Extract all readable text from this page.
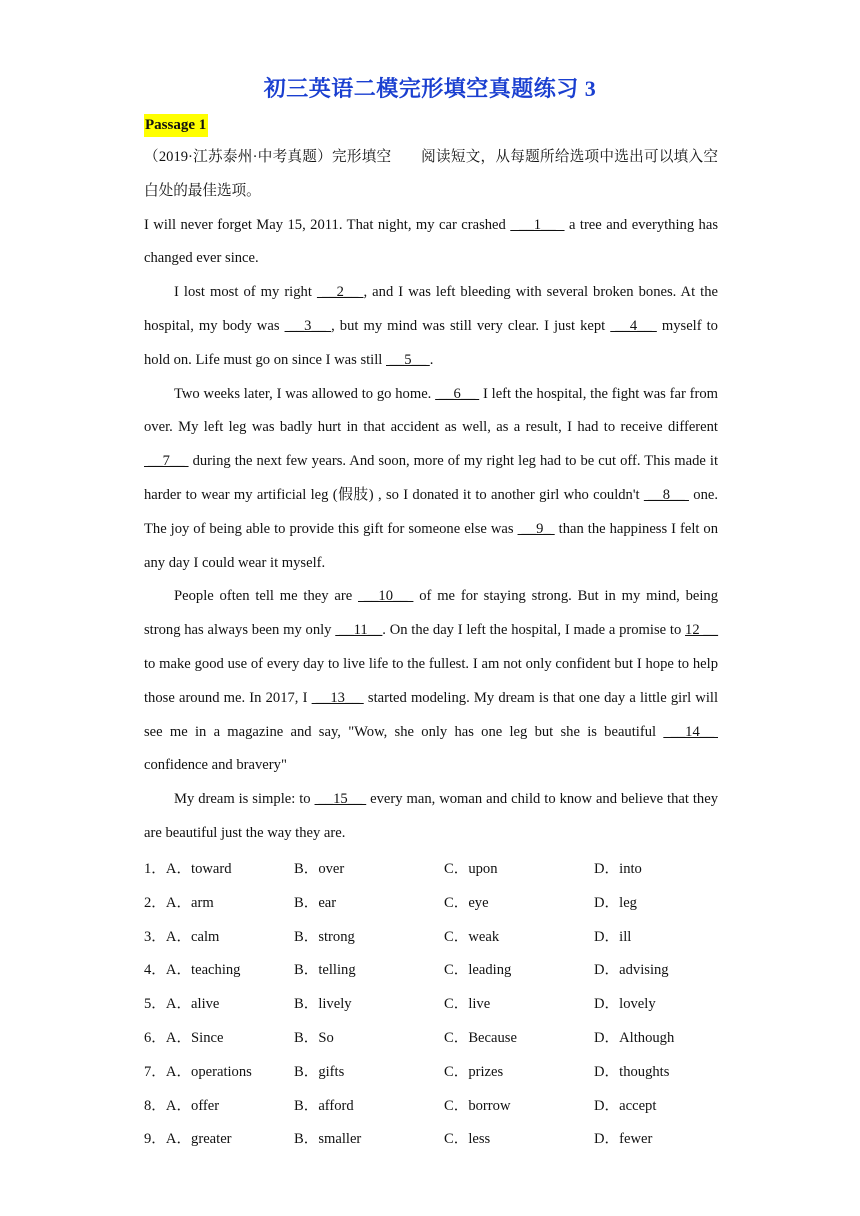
初三英语二模完形填空真题练习 3
Passage 1

（2019·江苏泰州·中考真题）完形填空　　阅读短文，从每题所给选项中选出可以填入空白处的最佳选项。

I will never forget May 15, 2011. That night, my car crashed   __1__   a tree and everything has changed ever since.

I lost most of my right  __2__ , and I was left bleeding with several broken bones. At the hospital, my body was  __3__ , but my mind was still very clear. I just kept  __4__  myself to hold on. Life must go on since I was still  __5__ .

Two weeks later, I was allowed to go home.  __6__  I left the hospital, the fight was far from over. My left leg was badly hurt in that accident as well, as a result, I had to receive different  __7__  during the next few years. And soon, more of my right leg had to be cut off. This made it harder to wear my artificial leg (假肢) , so I donated it to another girl who couldn't  __8__  one. The joy of being able to provide this gift for someone else was  __9_  than the happiness I felt on any day I could wear it myself.

People often tell me they are  __10__  of me for staying strong. But in my mind, being strong has always been my only  __11__. On the day I left the hospital, I made a promise to 12 __ to make good use of every day to live life to the fullest. I am not only confident but I hope to help those around me. In 2017, I  __13__  started modeling. My dream is that one day a little girl will see me in a magazine and say, "Wow, she only has one leg but she is beautiful  __14__  confidence and bravery"

My dream is simple: to  __15__  every man, woman and child to know and believe that they are beautiful just the way they are.

1．A．toward	B．over	C．upon	D．into
2．A．arm	B．ear	C．eye	D．leg
3．A．calm	B．strong	C．weak	D．ill
4．A．teaching	B．telling	C．leading	D．advising
5．A．alive	B．lively	C．live	D．lovely
6．A．Since	B．So	C．Because	D．Although
7．A．operations	B．gifts	C．prizes	D．thoughts
8．A．offer	B．afford	C．borrow	D．accept
9．A．greater	B．smaller	C．less	D．fewer
